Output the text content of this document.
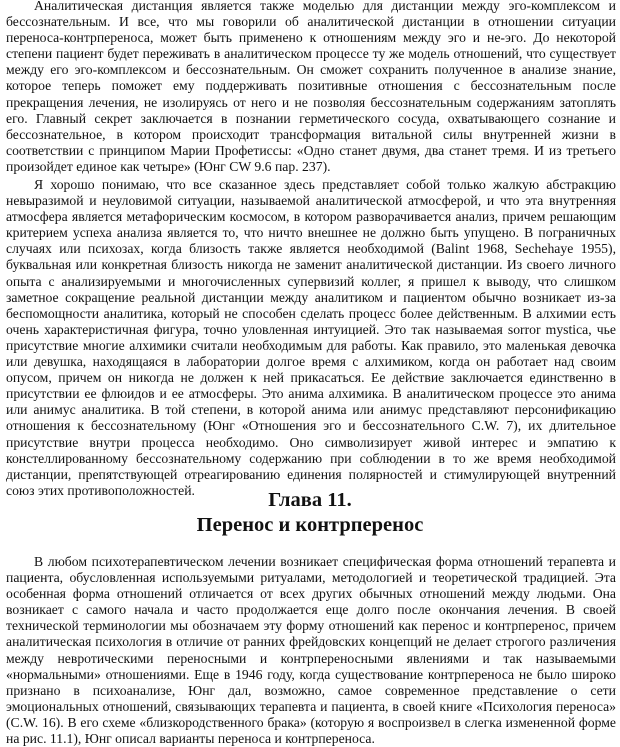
Аналитическая дистанция является также моделью для дистанции между эго-комплексом и бессознательным. И все, что мы говорили об аналитической дистанции в отношении ситуации переноса-контрпереноса, может быть применено к отношениям между эго и не-эго. До некоторой степени пациент будет переживать в аналитическом процессе ту же модель отношений, что существует между его эго-комплексом и бессознательным. Он сможет сохранить полученное в анализе знание, которое теперь поможет ему поддерживать позитивные отношения с бессознательным после прекращения лечения, не изолируясь от него и не позволяя бессознательным содержаниям затоплять его. Главный секрет заключается в познании герметического сосуда, охватывающего сознание и бессознательное, в котором происходит трансформация витальной силы внутренней жизни в соответствии с принципом Марии Профетиссы: «Одно станет двумя, два станет тремя. И из третьего произойдет единое как четыре» (Юнг CW 9.6 пар. 237).

Я хорошо понимаю, что все сказанное здесь представляет собой только жалкую абстракцию невыразимой и неуловимой ситуации, называемой аналитической атмосферой, и что эта внутренняя атмосфера является метафорическим космосом, в котором разворачивается анализ, причем решающим критерием успеха анализа является то, что ничто внешнее не должно быть упущено. В пограничных случаях или психозах, когда близость также является необходимой (Balint 1968, Sechehaye 1955), буквальная или конкретная близость никогда не заменит аналитической дистанции. Из своего личного опыта с анализируемыми и многочисленных супервизий коллег, я пришел к выводу, что слишком заметное сокращение реальной дистанции между аналитиком и пациентом обычно возникает из-за беспомощности аналитика, который не способен сделать процесс более действенным. В алхимии есть очень характеристичная фигура, точно уловленная интуицией. Это так называемая sorror mystica, чье присутствие многие алхимики считали необходимым для работы. Как правило, это маленькая девочка или девушка, находящаяся в лаборатории долгое время с алхимиком, когда он работает над своим опусом, причем он никогда не должен к ней прикасаться. Ее действие заключается единственно в присутствии ее флюидов и ее атмосферы. Это анима алхимика. В аналитическом процессе это анима или анимус аналитика. В той степени, в которой анима или анимус представляют персонификацию отношения к бессознательному (Юнг «Отношения эго и бессознательного C.W. 7), их длительное присутствие внутри процесса необходимо. Оно символизирует живой интерес и эмпатию к констеллированному бессознательному содержанию при соблюдении в то же время необходимой дистанции, препятствующей отреагированию единения полярностей и стимулирующей внутренний союз этих противоположностей.	Глава 11.
Перенос и контрперенос

В любом психотерапевтическом лечении возникает специфическая форма отношений терапевта и пациента, обусловленная используемыми ритуалами, методологией и теоретической традицией. Эта особенная форма отношений отличается от всех других обычных отношений между людьми. Она возникает с самого начала и часто продолжается еще долго после окончания лечения. В своей технической терминологии мы обозначаем эту форму отношений как перенос и контрперенос, причем аналитическая психология в отличие от ранних фрейдовских концепций не делает строгого различения между невротическими переносными и контрпереносными явлениями и так называемыми «нормальными» отношениями. Еще в 1946 году, когда существование контрпереноса не было широко признано в психоанализе, Юнг дал, возможно, самое современное представление о сети эмоциональных отношений, связывающих терапевта и пациента, в своей книге «Психология переноса» (C.W. 16). В его схеме «близкородственного брака» (которую я воспроизвел в слегка измененной форме на рис. 11.1), Юнг описал варианты переноса и контрпереноса.
